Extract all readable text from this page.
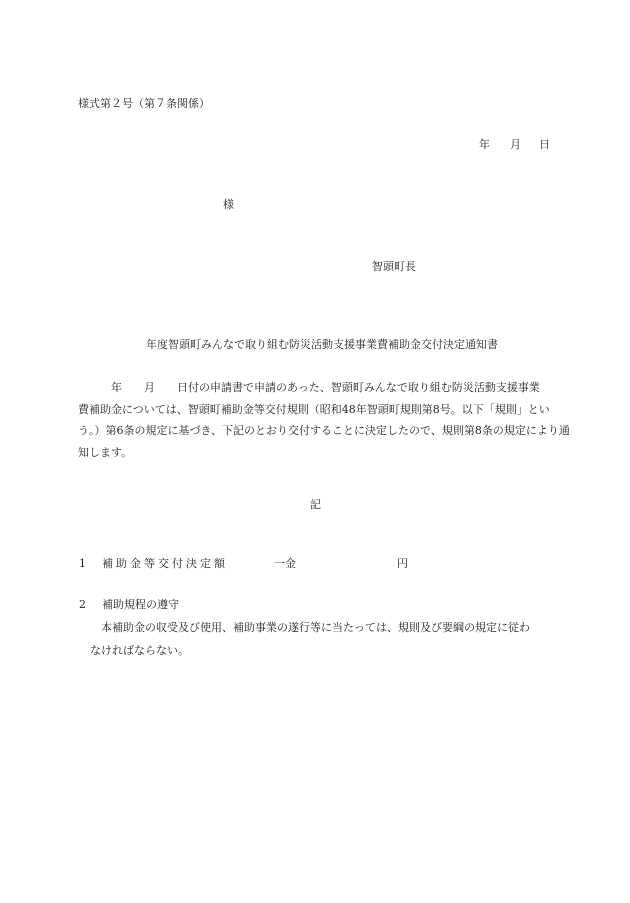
様式第２号（第７条関係）
年 月 日
様
智頭町長
年度智頭町みんなで取り組む防災活動支援事業費補助金交付決定通知書
　　　年　　月　　日付の申請書で申請のあった、智頭町みんなで取り組む防災活動支援事業
費補助金については、智頭町補助金等交付規則（昭和48年智頭町規則第8号。以下「規則」とい
う。）第6条の規定に基づき、下記のとおり交付することに決定したので、規則第8条の規定により通
知します。
記
1 補助金等交付決定額	一金	円
2 補助規程の遵守
　　本補助金の収受及び使用、補助事業の遂行等に当たっては、規則及び要綱の規定に従わ
　なければならない。
